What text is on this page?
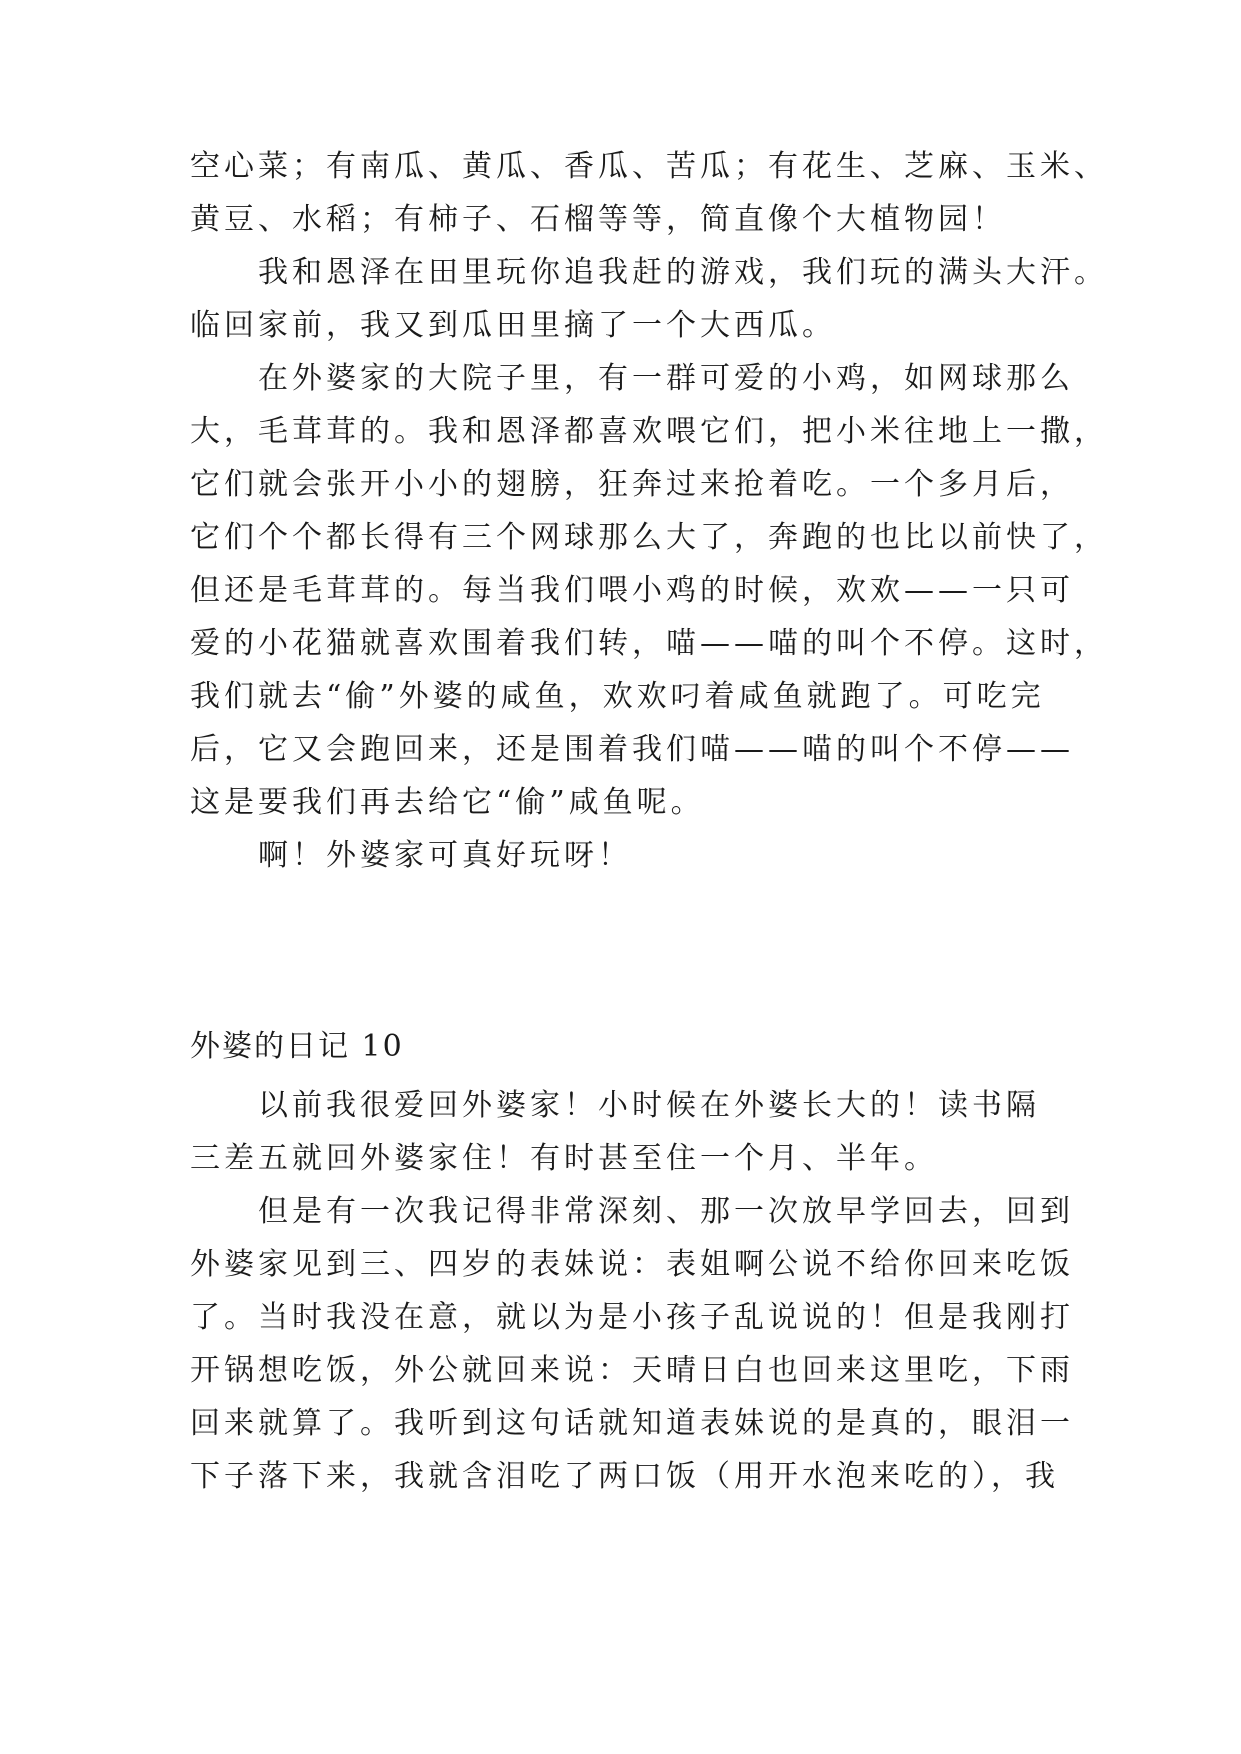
空心菜；有南瓜、黄瓜、香瓜、苦瓜；有花生、芝麻、玉米、
黄豆、水稻；有柿子、石榴等等，简直像个大植物园！
我和恩泽在田里玩你追我赶的游戏，我们玩的满头大汗。
临回家前，我又到瓜田里摘了一个大西瓜。
在外婆家的大院子里，有一群可爱的小鸡，如网球那么
大，毛茸茸的。我和恩泽都喜欢喂它们，把小米往地上一撒，
它们就会张开小小的翅膀，狂奔过来抢着吃。一个多月后，
它们个个都长得有三个网球那么大了，奔跑的也比以前快了，
但还是毛茸茸的。每当我们喂小鸡的时候，欢欢——一只可
爱的小花猫就喜欢围着我们转，喵——喵的叫个不停。这时，
我们就去“偷”外婆的咸鱼，欢欢叼着咸鱼就跑了。可吃完
后，它又会跑回来，还是围着我们喵——喵的叫个不停——
这是要我们再去给它“偷”咸鱼呢。
啊！外婆家可真好玩呀！
外婆的日记 10
以前我很爱回外婆家！小时候在外婆长大的！读书隔
三差五就回外婆家住！有时甚至住一个月、半年。
但是有一次我记得非常深刻、那一次放早学回去，回到
外婆家见到三、四岁的表妹说：表姐啊公说不给你回来吃饭
了。当时我没在意，就以为是小孩子乱说说的！但是我刚打
开锅想吃饭，外公就回来说：天晴日白也回来这里吃，下雨
回来就算了。我听到这句话就知道表妹说的是真的，眼泪一
下子落下来，我就含泪吃了两口饭（用开水泡来吃的），我
